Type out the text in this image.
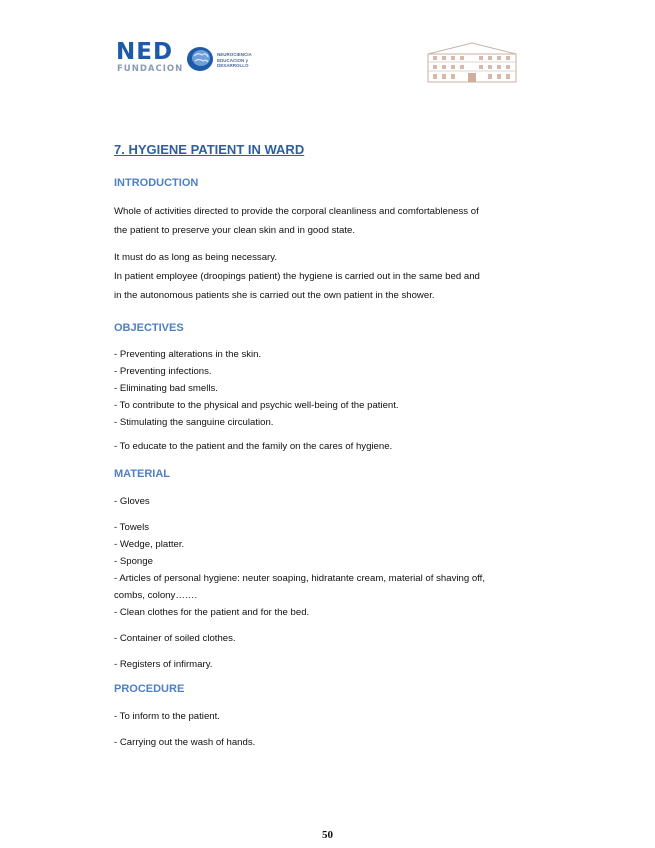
NED
FUNDACION
NEUROCIENCIA EDUCACION y DESARROLLO

7. HYGIENE PATIENT IN WARD

INTRODUCTION

Whole of activities directed to provide the corporal cleanliness and comfortableness of

the patient to preserve your clean skin and in good state.

It must do as long as being necessary.

In patient employee (droopings patient) the hygiene is carried out in the same bed and

in the autonomous patients she is carried out the own patient in the shower.

OBJECTIVES

- Preventing alterations in the skin.

- Preventing infections.

- Eliminating bad smells.

- To contribute to the physical and psychic well-being of the patient.

- Stimulating the sanguine circulation.

- To educate to the patient and the family on the cares of hygiene.

MATERIAL

- Gloves

- Towels

- Wedge, platter.

- Sponge

- Articles of personal hygiene: neuter soaping, hidratante cream, material of shaving off,

combs, colony…….

- Clean clothes for the patient and for the bed.

- Container of soiled clothes.

- Registers of infirmary.

PROCEDURE

- To inform to the patient.

- Carrying out the wash of hands.

50
